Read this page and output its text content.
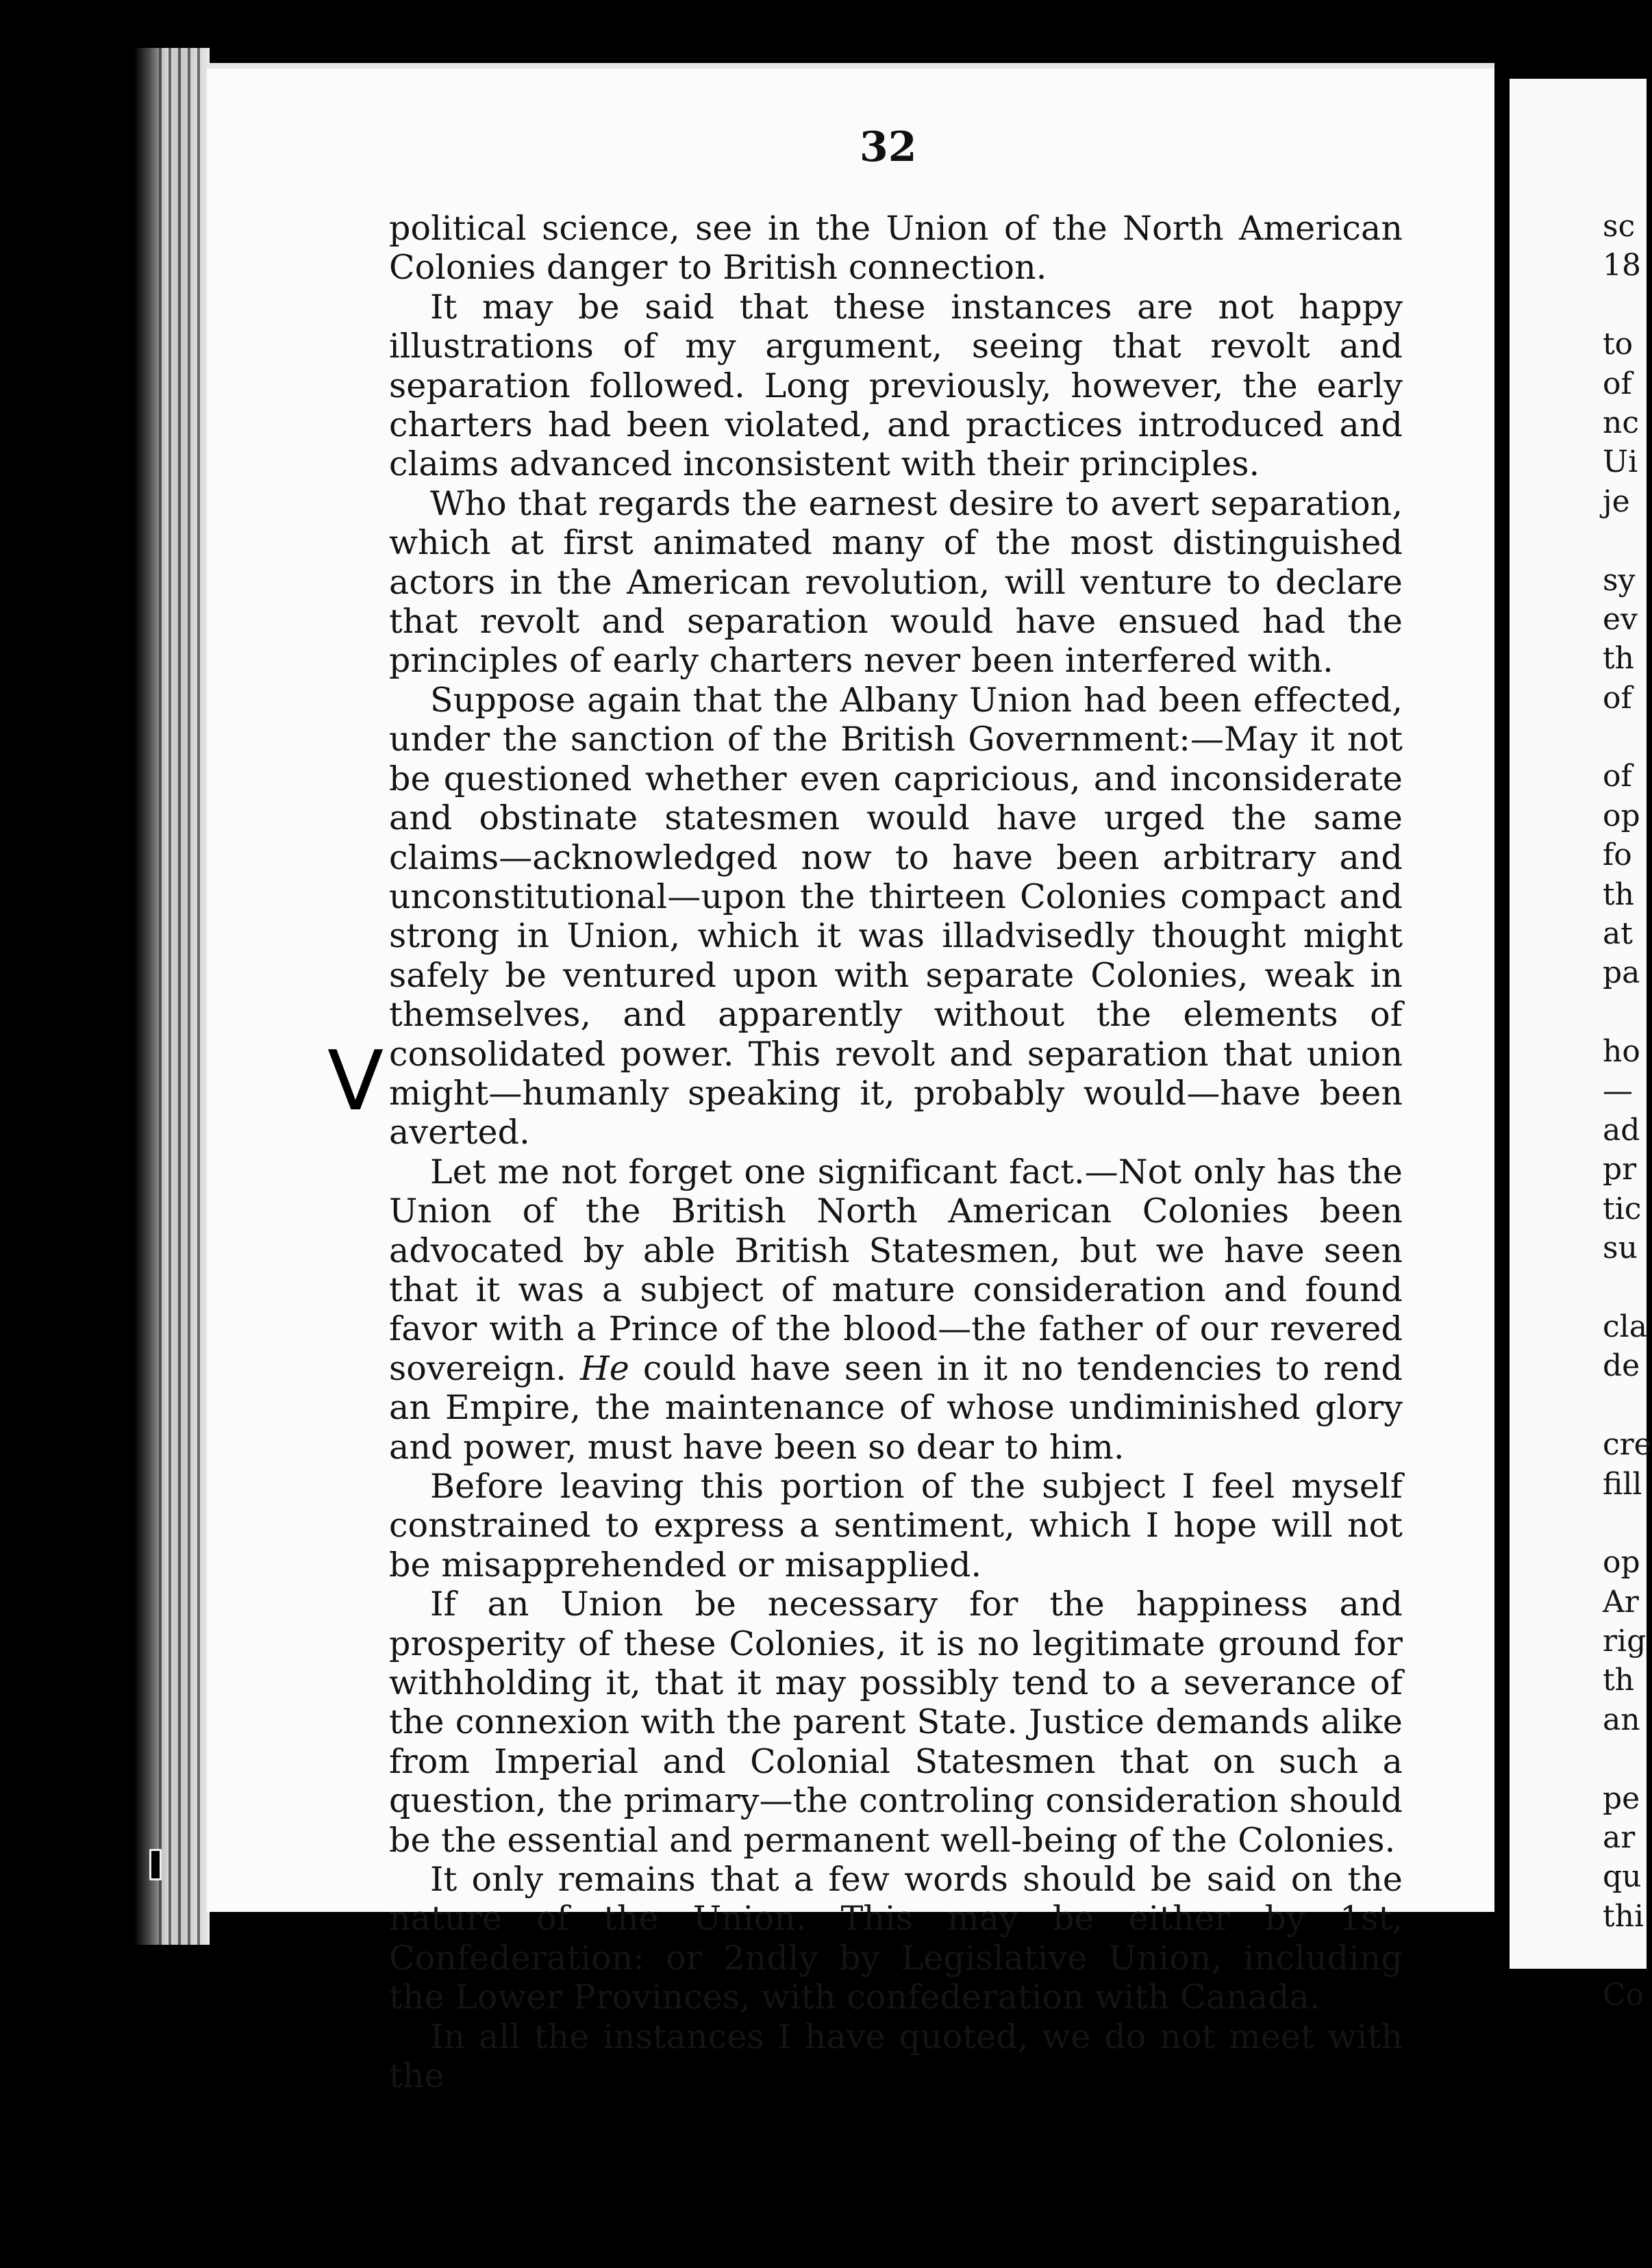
32
V

political science, see in the Union of the North American Colonies danger to British connection.

It may be said that these instances are not happy illustrations of my argument, seeing that revolt and separation followed. Long previously, however, the early charters had been violated, and practices introduced and claims advanced inconsistent with their principles.

Who that regards the earnest desire to avert separation, which at first animated many of the most distinguished actors in the American revolution, will venture to declare that revolt and separation would have ensued had the principles of early charters never been interfered with.

Suppose again that the Albany Union had been effected, under the sanction of the British Government:—May it not be questioned whether even capricious, and inconsiderate and obstinate statesmen would have urged the same claims—acknowledged now to have been arbitrary and unconstitutional—upon the thirteen Colonies compact and strong in Union, which it was illadvisedly thought might safely be ventured upon with separate Colonies, weak in themselves, and apparently without the elements of consolidated power. This revolt and separation that union might—humanly speaking it, probably would—have been averted.

Let me not forget one significant fact.—Not only has the Union of the British North American Colonies been advocated by able British Statesmen, but we have seen that it was a subject of mature consideration and found favor with a Prince of the blood—the father of our revered sovereign. He could have seen in it no tendencies to rend an Empire, the maintenance of whose undiminished glory and power, must have been so dear to him.

Before leaving this portion of the subject I feel myself constrained to express a sentiment, which I hope will not be misapprehended or misapplied.

If an Union be necessary for the happiness and prosperity of these Colonies, it is no legitimate ground for withholding it, that it may possibly tend to a severance of the connexion with the parent State. Justice demands alike from Imperial and Colonial Statesmen that on such a question, the primary—the controling consideration should be the essential and permanent well-being of the Colonies.

It only remains that a few words should be said on the nature of the Union. This may be either by 1st, Confederation: or 2ndly by Legislative Union, including the Lower Provinces, with confederation with Canada.

In all the instances I have quoted, we do not meet with the

sc
18
to
of
nc
Ui
je
sy
ev
th
of
of
op
fo
th
at
pa
ho
—
ad
pr
tic
su
cla
de
cre
fill
op
Ar
rig
th
an
pe
ar
qu
thi
Co
